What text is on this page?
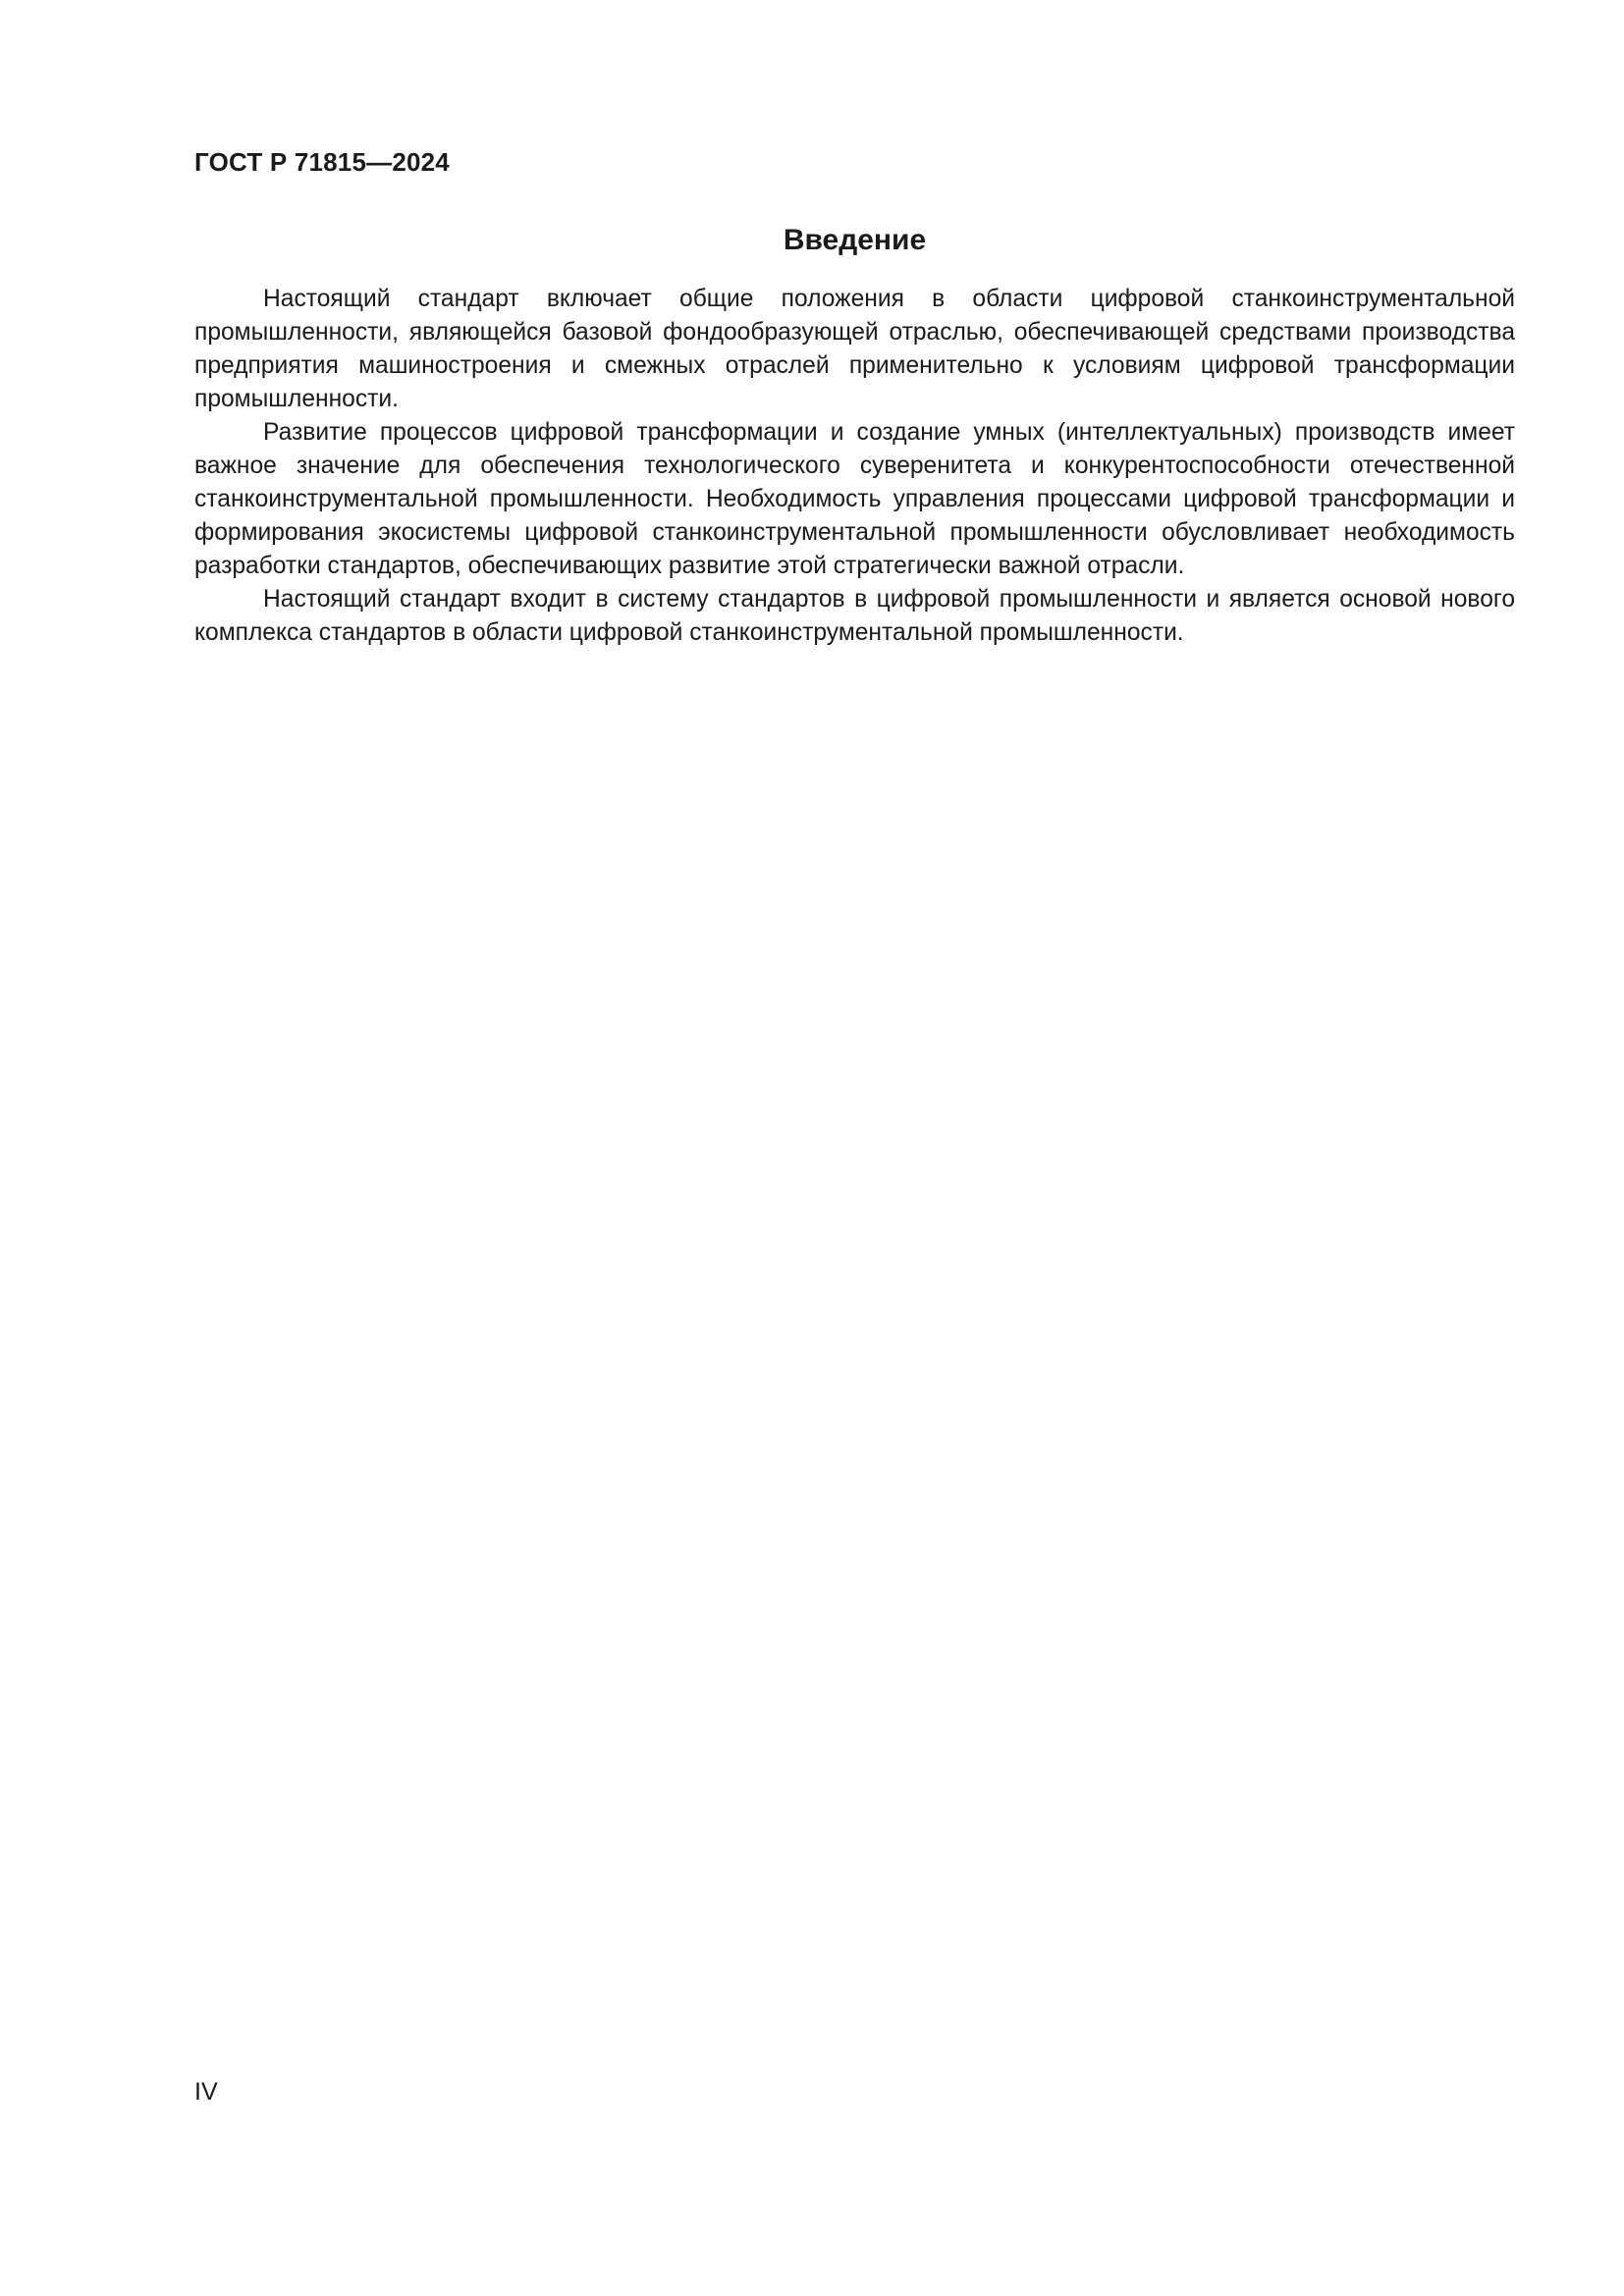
ГОСТ Р 71815—2024
Введение

Настоящий стандарт включает общие положения в области цифровой станкоинструментальной промышленности, являющейся базовой фондообразующей отраслью, обеспечивающей средствами производства предприятия машиностроения и смежных отраслей применительно к условиям цифровой трансформации промышленности.

Развитие процессов цифровой трансформации и создание умных (интеллектуальных) производств имеет важное значение для обеспечения технологического суверенитета и конкурентоспособности отечественной станкоинструментальной промышленности. Необходимость управления процессами цифровой трансформации и формирования экосистемы цифровой станкоинструментальной промышленности обусловливает необходимость разработки стандартов, обеспечивающих развитие этой стратегически важной отрасли.

Настоящий стандарт входит в систему стандартов в цифровой промышленности и является основой нового комплекса стандартов в области цифровой станкоинструментальной промышленности.

IV
